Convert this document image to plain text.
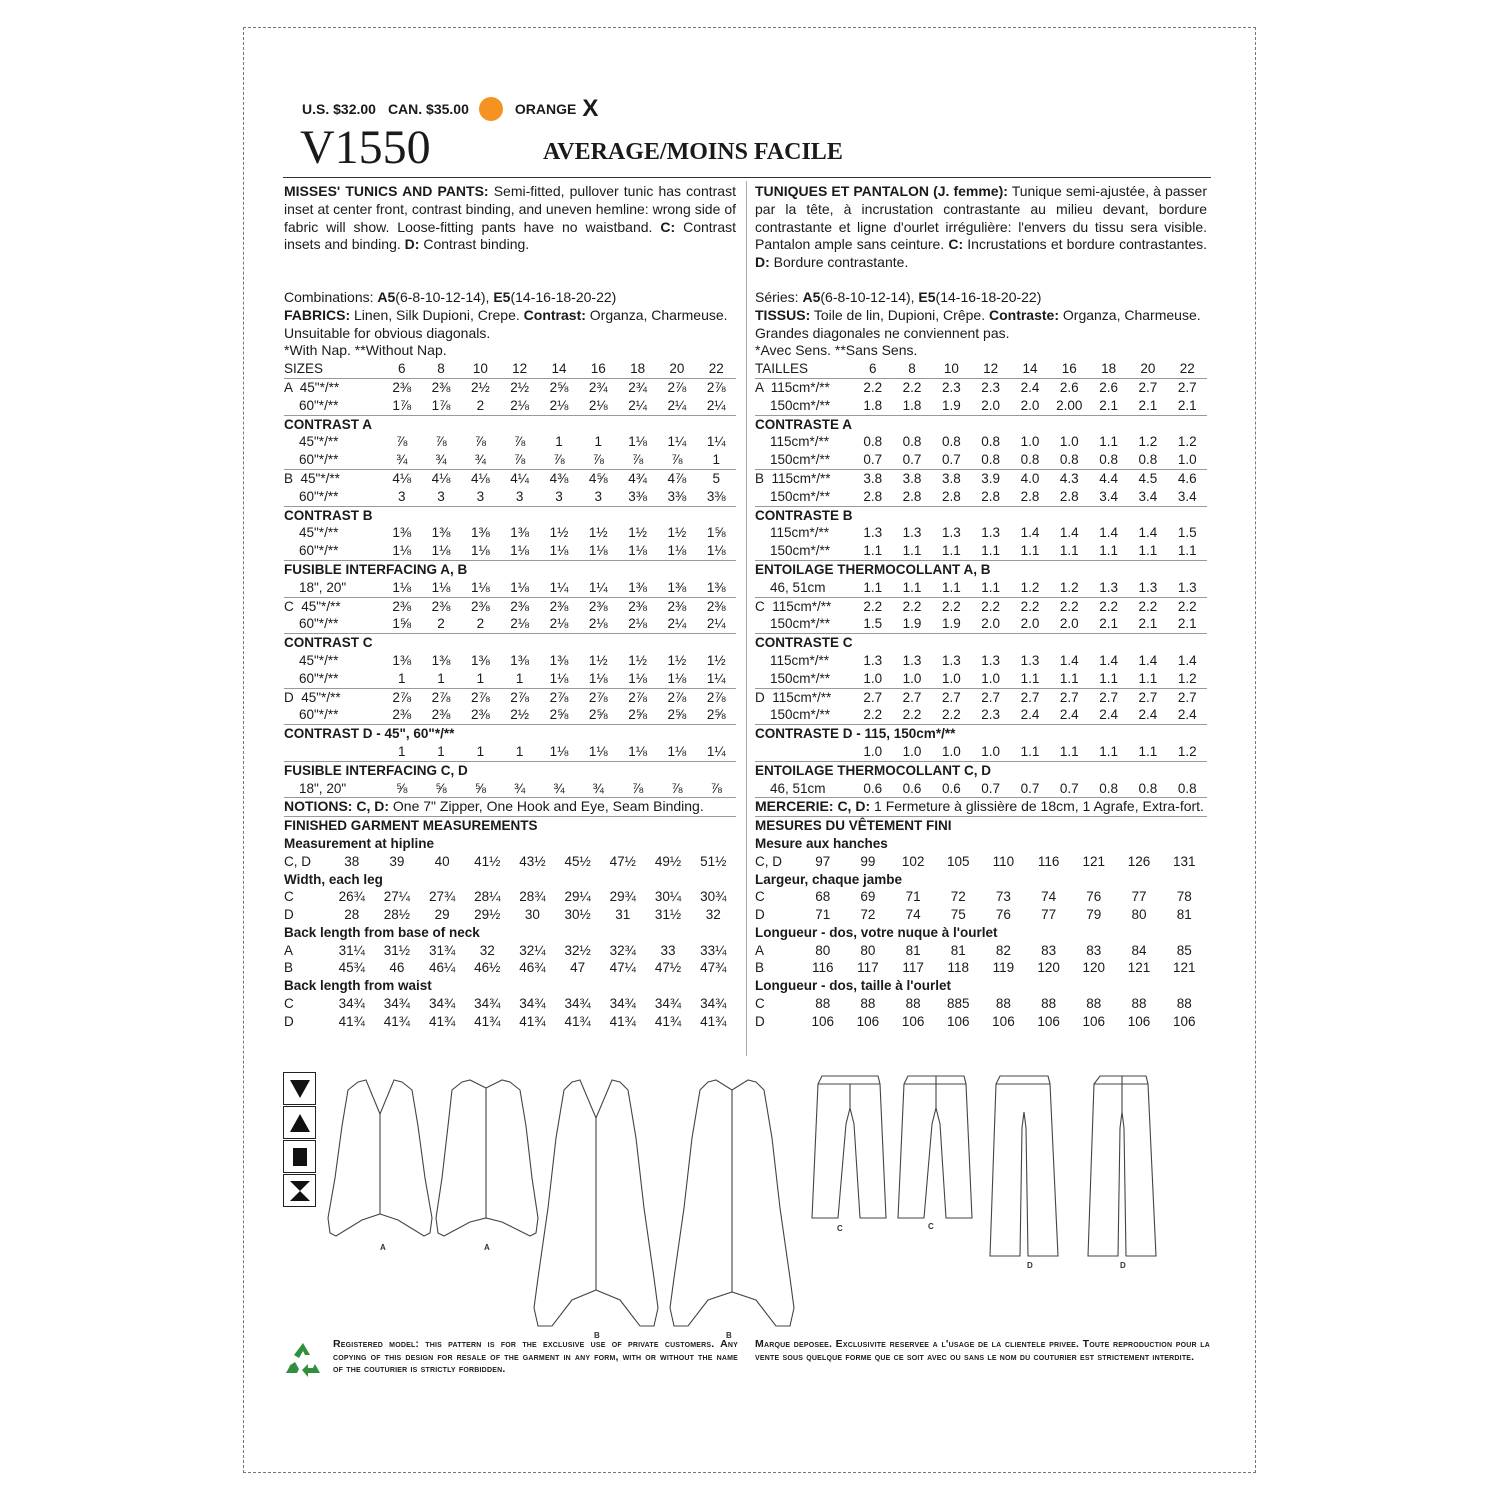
U.S. $32.00 CAN. $35.00	ORANGE X
V1550	AVERAGE/MOINS FACILE
MISSES' TUNICS AND PANTS: Semi-fitted, pullover tunic has contrast inset at center front, contrast binding, and uneven hemline: wrong side of fabric will show. Loose-fitting pants have no waistband. C: Contrast insets and binding. D: Contrast binding.
Combinations: A5(6-8-10-12-14), E5(14-16-18-20-22)
FABRICS: Linen, Silk Dupioni, Crepe. Contrast: Organza, Charmeuse.
Unsuitable for obvious diagonals.
*With Nap. **Without Nap.
SIZES	6	8	10	12	14	16	18	20	22
A  45"*/**	2⅜	2⅜	2½	2½	2⅝	2¾	2¾	2⅞	2⅞
60"*/**	1⅞	1⅞	2	2⅛	2⅛	2⅛	2¼	2¼	2¼
CONTRAST A									
45"*/**	⅞	⅞	⅞	⅞	1	1	1⅛	1¼	1¼
60"*/**	¾	¾	¾	⅞	⅞	⅞	⅞	⅞	1
B  45"*/**	4⅛	4⅛	4⅛	4¼	4⅜	4⅝	4¾	4⅞	5
60"*/**	3	3	3	3	3	3	3⅜	3⅜	3⅜
CONTRAST B									
45"*/**	1⅜	1⅜	1⅜	1⅜	1½	1½	1½	1½	1⅝
60"*/**	1⅛	1⅛	1⅛	1⅛	1⅛	1⅛	1⅛	1⅛	1⅛
FUSIBLE INTERFACING A, B									
18", 20"	1⅛	1⅛	1⅛	1⅛	1¼	1¼	1⅜	1⅜	1⅜
C  45"*/**	2⅜	2⅜	2⅜	2⅜	2⅜	2⅜	2⅜	2⅜	2⅜
60"*/**	1⅝	2	2	2⅛	2⅛	2⅛	2⅛	2¼	2¼
CONTRAST C									
45"*/**	1⅜	1⅜	1⅜	1⅜	1⅜	1½	1½	1½	1½
60"*/**	1	1	1	1	1⅛	1⅛	1⅛	1⅛	1¼
D  45"*/**	2⅞	2⅞	2⅞	2⅞	2⅞	2⅞	2⅞	2⅞	2⅞
60"*/**	2⅜	2⅜	2⅜	2½	2⅝	2⅝	2⅝	2⅝	2⅝
CONTRAST D - 45", 60"*/**									
	1	1	1	1	1⅛	1⅛	1⅛	1⅛	1¼
FUSIBLE INTERFACING C, D									
18", 20"	⅝	⅝	⅝	¾	¾	¾	⅞	⅞	⅞
NOTIONS: C, D: One 7" Zipper, One Hook and Eye, Seam Binding.
FINISHED GARMENT MEASUREMENTS									
Measurement at hipline									
C, D	38	39	40	41½	43½	45½	47½	49½	51½
Width, each leg									
C	26¾	27¼	27¾	28¼	28¾	29¼	29¾	30¼	30¾
D	28	28½	29	29½	30	30½	31	31½	32
Back length from base of neck									
A	31¼	31½	31¾	32	32¼	32½	32¾	33	33¼
B	45¾	46	46¼	46½	46¾	47	47¼	47½	47¾
Back length from waist									
C	34¾	34¾	34¾	34¾	34¾	34¾	34¾	34¾	34¾
D	41¾	41¾	41¾	41¾	41¾	41¾	41¾	41¾	41¾
TUNIQUES ET PANTALON (J. femme): Tunique semi-ajustée, à passer par la tête, à incrustation contrastante au milieu devant, bordure contrastante et ligne d'ourlet irrégulière: l'envers du tissu sera visible. Pantalon ample sans ceinture. C: Incrustations et bordure contrastantes. D: Bordure contrastante.
Séries: A5(6-8-10-12-14), E5(14-16-18-20-22)
TISSUS: Toile de lin, Dupioni, Crêpe. Contraste: Organza, Charmeuse.
Grandes diagonales ne conviennent pas.
*Avec Sens. **Sans Sens.
TAILLES	6	8	10	12	14	16	18	20	22
A  115cm*/**	2.2	2.2	2.3	2.3	2.4	2.6	2.6	2.7	2.7
150cm*/**	1.8	1.8	1.9	2.0	2.0	2.00	2.1	2.1	2.1
CONTRASTE A									
115cm*/**	0.8	0.8	0.8	0.8	1.0	1.0	1.1	1.2	1.2
150cm*/**	0.7	0.7	0.7	0.8	0.8	0.8	0.8	0.8	1.0
B  115cm*/**	3.8	3.8	3.8	3.9	4.0	4.3	4.4	4.5	4.6
150cm*/**	2.8	2.8	2.8	2.8	2.8	2.8	3.4	3.4	3.4
CONTRASTE B									
115cm*/**	1.3	1.3	1.3	1.3	1.4	1.4	1.4	1.4	1.5
150cm*/**	1.1	1.1	1.1	1.1	1.1	1.1	1.1	1.1	1.1
ENTOILAGE THERMOCOLLANT A, B									
46, 51cm	1.1	1.1	1.1	1.1	1.2	1.2	1.3	1.3	1.3
C  115cm*/**	2.2	2.2	2.2	2.2	2.2	2.2	2.2	2.2	2.2
150cm*/**	1.5	1.9	1.9	2.0	2.0	2.0	2.1	2.1	2.1
CONTRASTE C									
115cm*/**	1.3	1.3	1.3	1.3	1.3	1.4	1.4	1.4	1.4
150cm*/**	1.0	1.0	1.0	1.0	1.1	1.1	1.1	1.1	1.2
D  115cm*/**	2.7	2.7	2.7	2.7	2.7	2.7	2.7	2.7	2.7
150cm*/**	2.2	2.2	2.2	2.3	2.4	2.4	2.4	2.4	2.4
CONTRASTE D - 115, 150cm*/**									
	1.0	1.0	1.0	1.0	1.1	1.1	1.1	1.1	1.2
ENTOILAGE THERMOCOLLANT C, D									
46, 51cm	0.6	0.6	0.6	0.7	0.7	0.7	0.8	0.8	0.8
MERCERIE: C, D: 1 Fermeture à glissière de 18cm, 1 Agrafe, Extra-fort.
MESURES DU VÊTEMENT FINI									
Mesure aux hanches									
C, D	97	99	102	105	110	116	121	126	131
Largeur, chaque jambe									
C	68	69	71	72	73	74	76	77	78
D	71	72	74	75	76	77	79	80	81
Longueur - dos, votre nuque à l'ourlet									
A	80	80	81	81	82	83	83	84	85
B	116	117	117	118	119	120	120	121	121
Longueur - dos, taille à l'ourlet									
C	88	88	88	885	88	88	88	88	88
D	106	106	106	106	106	106	106	106	106
A	A
B	B
C	C
D	D
Registered model: this pattern is for the exclusive use of private customers. Any copying of this design for resale of the garment in any form, with or without the name of the couturier is strictly forbidden.
Marque deposee. Exclusivite reservee a l'usage de la clientele privee. Toute reproduction pour la vente sous quelque forme que ce soit avec ou sans le nom du couturier est strictement interdite.
